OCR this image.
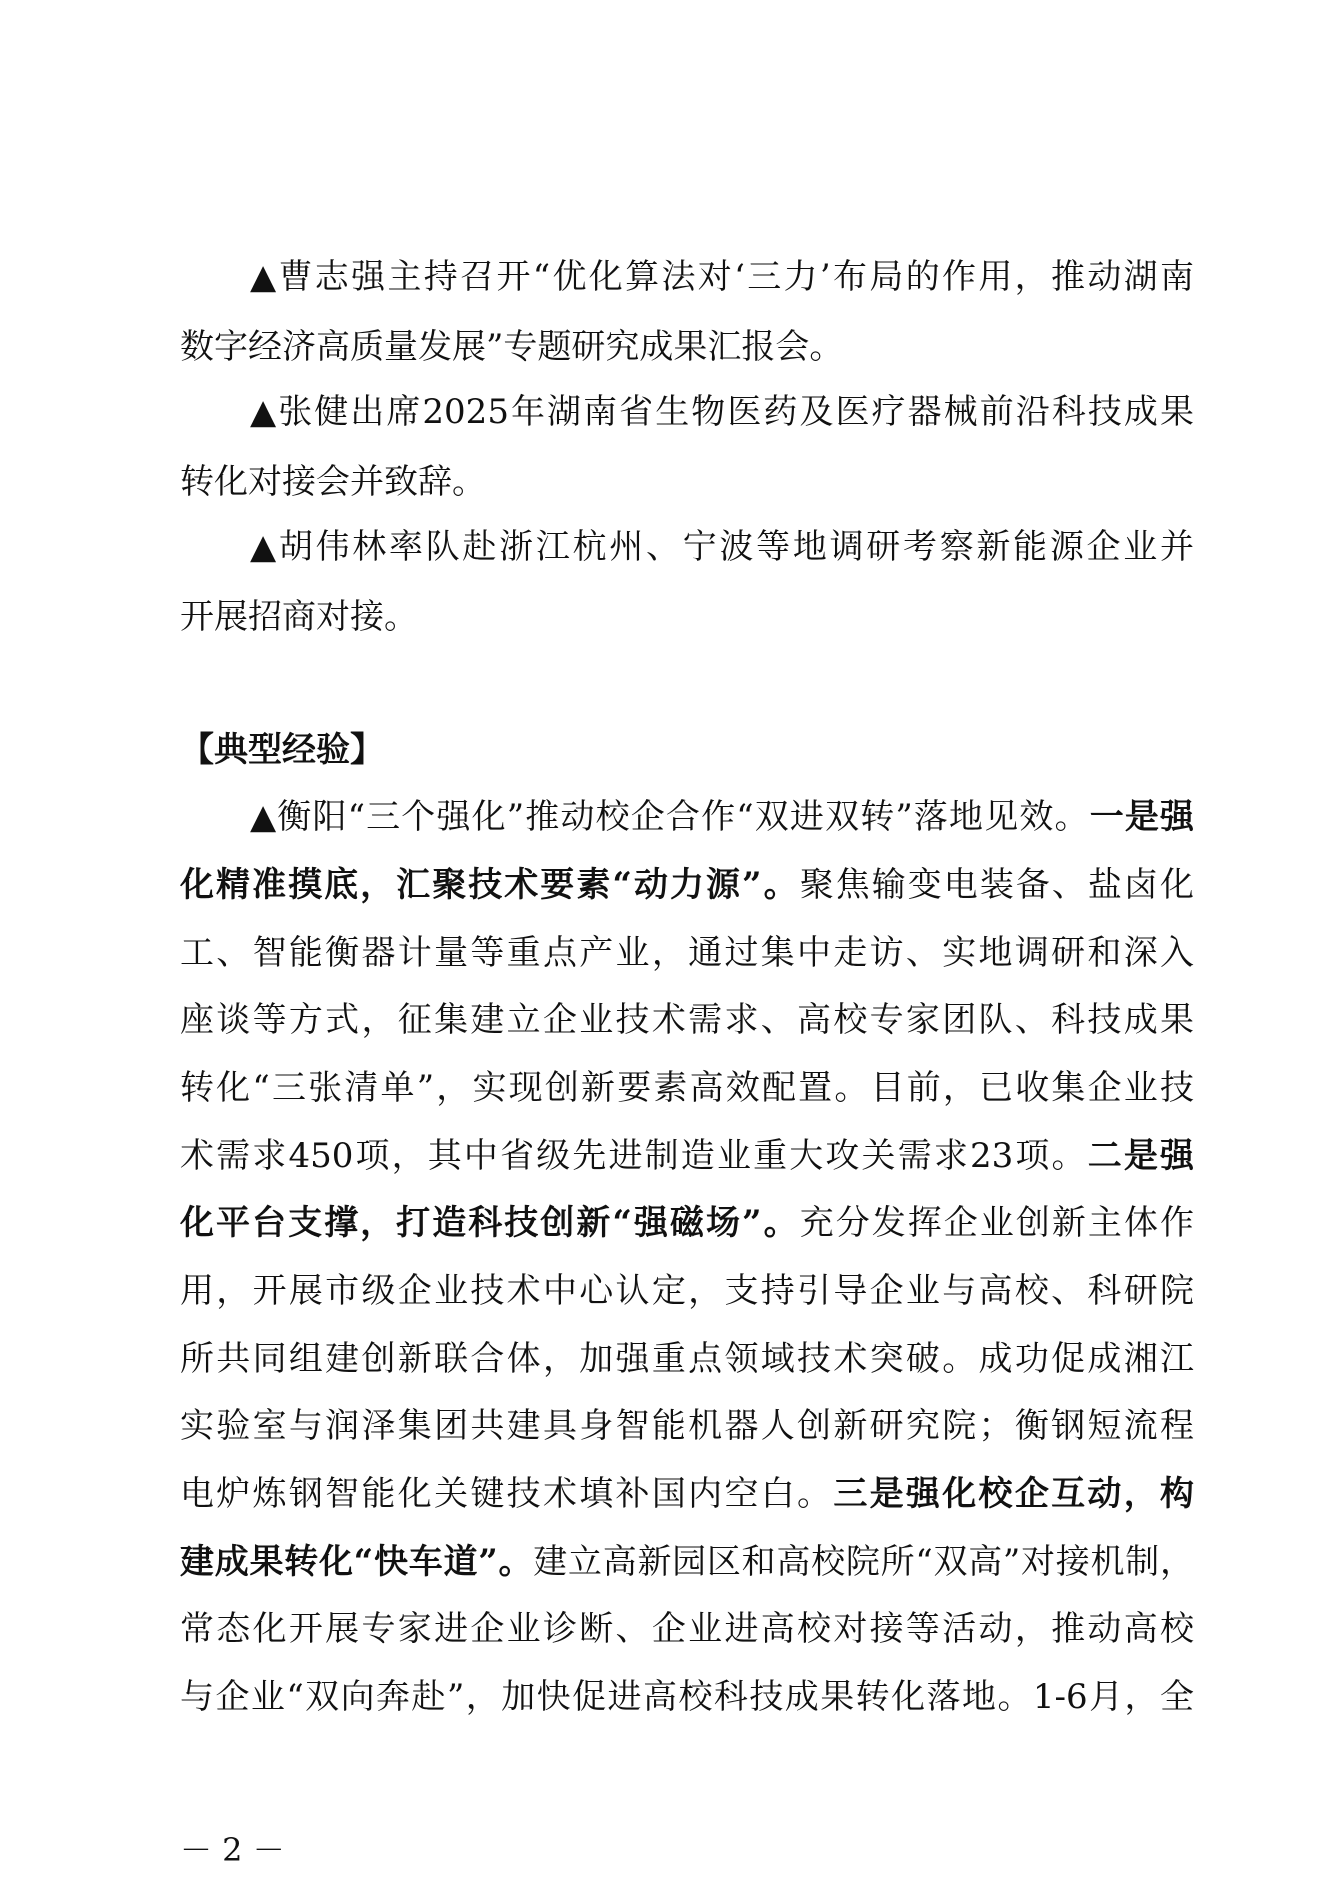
▲曹志强主持召开“优化算法对‘三力’布局的作用，推动湖南
数字经济高质量发展”专题研究成果汇报会。
▲张健出席2025年湖南省生物医药及医疗器械前沿科技成果
转化对接会并致辞。
▲胡伟林率队赴浙江杭州、宁波等地调研考察新能源企业并
开展招商对接。
【典型经验】
▲衡阳“三个强化”推动校企合作“双进双转”落地见效。一是强
化精准摸底，汇聚技术要素“动力源”。聚焦输变电装备、盐卤化
工、智能衡器计量等重点产业，通过集中走访、实地调研和深入
座谈等方式，征集建立企业技术需求、高校专家团队、科技成果
转化“三张清单”，实现创新要素高效配置。目前，已收集企业技
术需求450项，其中省级先进制造业重大攻关需求23项。二是强
化平台支撑，打造科技创新“强磁场”。充分发挥企业创新主体作
用，开展市级企业技术中心认定，支持引导企业与高校、科研院
所共同组建创新联合体，加强重点领域技术突破。成功促成湘江
实验室与润泽集团共建具身智能机器人创新研究院；衡钢短流程
电炉炼钢智能化关键技术填补国内空白。三是强化校企互动，构
建成果转化“快车道”。建立高新园区和高校院所“双高”对接机制，
常态化开展专家进企业诊断、企业进高校对接等活动，推动高校
与企业“双向奔赴”，加快促进高校科技成果转化落地。1-6月，全
－ 2 －
